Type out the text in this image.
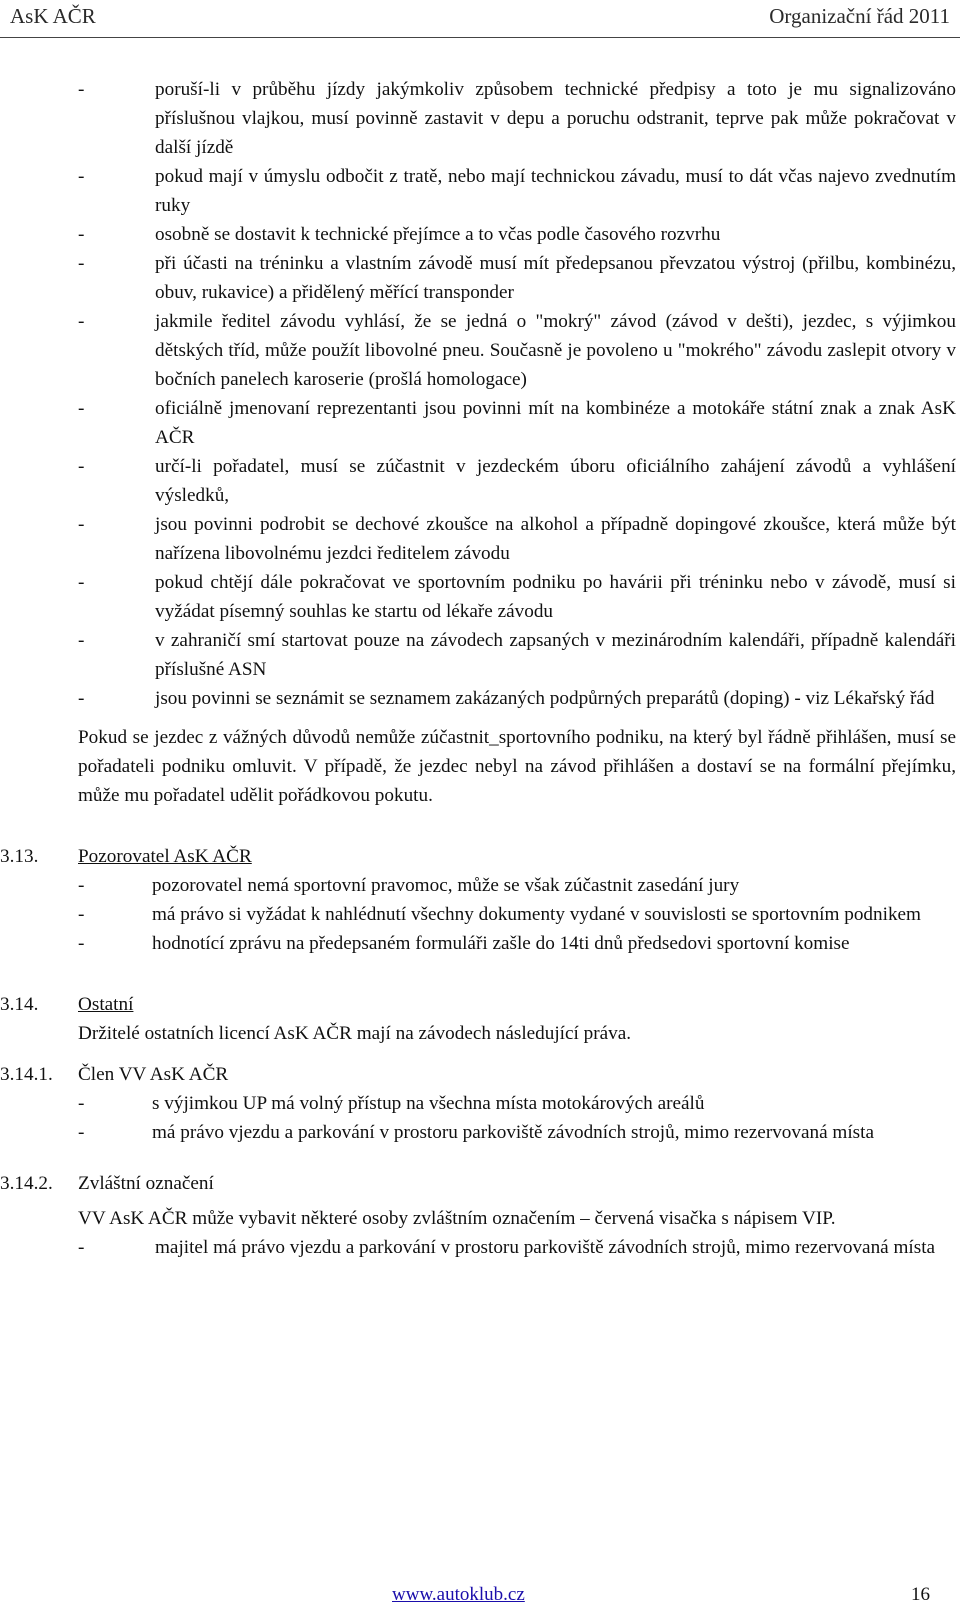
AsK AČR	Organizační řád 2011
-	poruší-li v průběhu jízdy jakýmkoliv způsobem technické předpisy a toto je mu signalizováno příslušnou vlajkou, musí povinně zastavit v depu a poruchu odstranit, teprve pak může pokračovat v další jízdě
-	pokud mají v úmyslu odbočit z tratě, nebo mají technickou závadu, musí to dát včas najevo zvednutím ruky
-	osobně se dostavit k technické přejímce a to včas podle časového rozvrhu
-	při účasti na tréninku a vlastním závodě musí mít předepsanou převzatou výstroj (přilbu, kombinézu, obuv, rukavice) a přidělený měřící transponder
-	jakmile ředitel závodu vyhlásí, že se jedná o "mokrý" závod (závod v dešti), jezdec, s výjimkou dětských tříd, může použít libovolné pneu. Současně je povoleno u "mokrého" závodu zaslepit otvory v bočních panelech karoserie (prošlá homologace)
-	oficiálně jmenovaní reprezentanti jsou povinni mít na kombinéze a motokáře státní znak a znak AsK AČR
-	určí-li pořadatel, musí se zúčastnit v jezdeckém úboru oficiálního zahájení závodů a vyhlášení výsledků,
-	jsou povinni podrobit se dechové zkoušce na alkohol a případně dopingové zkoušce, která může být nařízena libovolnému jezdci ředitelem závodu
-	pokud chtějí dále pokračovat ve sportovním podniku po havárii při tréninku nebo v závodě, musí si vyžádat písemný souhlas ke startu od lékaře závodu
-	v zahraničí smí startovat pouze na závodech zapsaných v mezinárodním kalendáři, případně kalendáři příslušné ASN
-	jsou povinni se seznámit se seznamem zakázaných podpůrných preparátů (doping) - viz Lékařský řád

Pokud se jezdec z vážných důvodů nemůže zúčastnit_sportovního podniku, na který byl řádně přihlášen, musí se pořadateli podniku omluvit. V případě, že jezdec nebyl na závod přihlášen a dostaví se na formální přejímku, může mu pořadatel udělit pořádkovou pokutu.

3.13. Pozorovatel AsK AČR
-	pozorovatel nemá sportovní pravomoc, může se však zúčastnit zasedání jury
-	má právo si vyžádat k nahlédnutí všechny dokumenty vydané v souvislosti se sportovním podnikem
-	hodnotící zprávu na předepsaném formuláři zašle do 14ti dnů předsedovi sportovní komise
3.14. Ostatní

Držitelé ostatních licencí AsK AČR mají na závodech následující práva.

3.14.1. Člen VV AsK AČR
-	s výjimkou UP má volný přístup na všechna místa motokárových areálů
-	má právo vjezdu a parkování v prostoru parkoviště závodních strojů, mimo rezervovaná místa
3.14.2. Zvláštní označení

VV AsK AČR může vybavit některé osoby zvláštním označením – červená visačka s nápisem VIP.

-	majitel má právo vjezdu a parkování v prostoru parkoviště závodních strojů, mimo rezervovaná místa
www.autoklub.cz	16
